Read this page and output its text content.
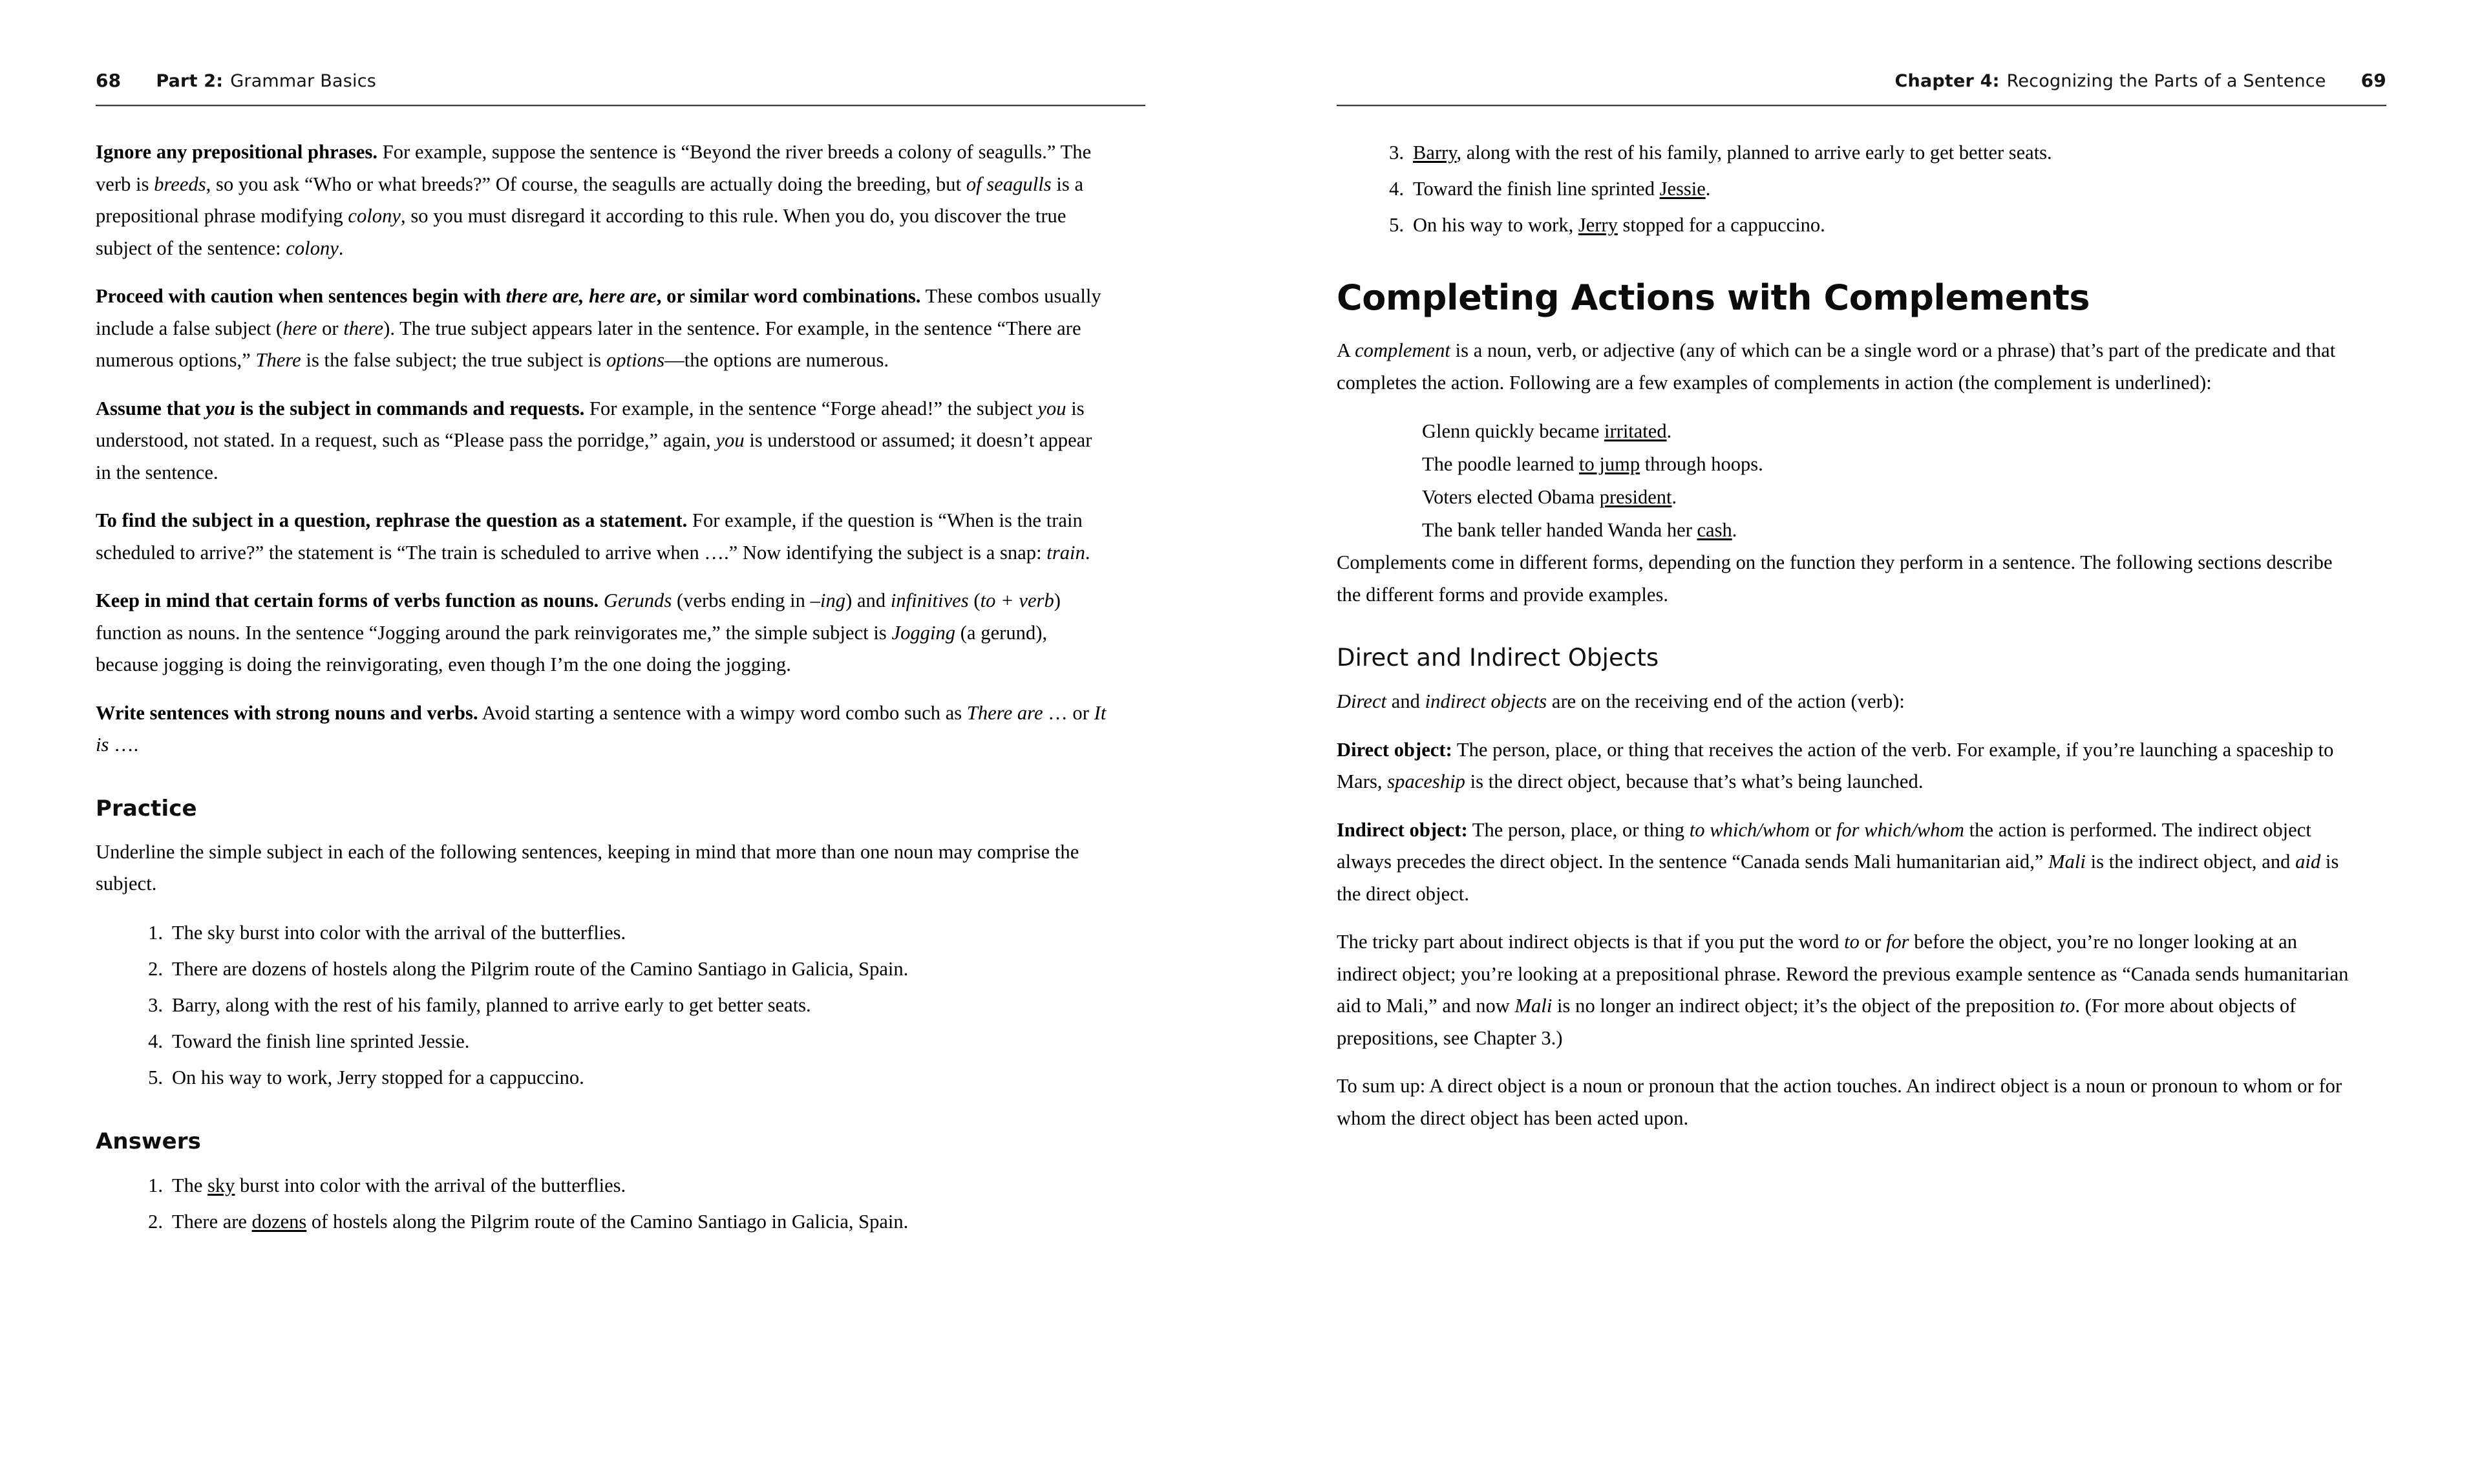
68 Part 2: Grammar Basics

Ignore any prepositional phrases. For example, suppose the sentence is “Beyond the river breeds a colony of seagulls.” The verb is breeds, so you ask “Who or what breeds?” Of course, the seagulls are actually doing the breeding, but of seagulls is a prepositional phrase modifying colony, so you must disregard it according to this rule. When you do, you discover the true subject of the sentence: colony.

Proceed with caution when sentences begin with there are, here are, or similar word combinations. These combos usually include a false subject (here or there). The true subject appears later in the sentence. For example, in the sentence “There are numerous options,” There is the false subject; the true subject is options—the options are numerous.

Assume that you is the subject in commands and requests. For example, in the sentence “Forge ahead!” the subject you is understood, not stated. In a request, such as “Please pass the porridge,” again, you is understood or assumed; it doesn’t appear in the sentence.

To find the subject in a question, rephrase the question as a statement. For example, if the question is “When is the train scheduled to arrive?” the statement is “The train is scheduled to arrive when ….” Now identifying the subject is a snap: train.

Keep in mind that certain forms of verbs function as nouns. Gerunds (verbs ending in –ing) and infinitives (to + verb) function as nouns. In the sentence “Jogging around the park reinvigorates me,” the simple subject is Jogging (a gerund), because jogging is doing the reinvigorating, even though I’m the one doing the jogging.

Write sentences with strong nouns and verbs. Avoid starting a sentence with a wimpy word combo such as There are … or It is ….

Practice

Underline the simple subject in each of the following sentences, keeping in mind that more than one noun may comprise the subject.

The sky burst into color with the arrival of the butterflies.
There are dozens of hostels along the Pilgrim route of the Camino Santiago in Galicia, Spain.
Barry, along with the rest of his family, planned to arrive early to get better seats.
Toward the finish line sprinted Jessie.
On his way to work, Jerry stopped for a cappuccino.
Answers
The sky burst into color with the arrival of the butterflies.
There are dozens of hostels along the Pilgrim route of the Camino Santiago in Galicia, Spain.
Chapter 4: Recognizing the Parts of a Sentence 69
Barry, along with the rest of his family, planned to arrive early to get better seats.
Toward the finish line sprinted Jessie.
On his way to work, Jerry stopped for a cappuccino.
Completing Actions with Complements

A complement is a noun, verb, or adjective (any of which can be a single word or a phrase) that’s part of the predicate and that completes the action. Following are a few examples of complements in action (the complement is underlined):

Glenn quickly became irritated.
The poodle learned to jump through hoops.
Voters elected Obama president.
The bank teller handed Wanda her cash.

Complements come in different forms, depending on the function they perform in a sentence. The following sections describe the different forms and provide examples.

Direct and Indirect Objects

Direct and indirect objects are on the receiving end of the action (verb):

Direct object: The person, place, or thing that receives the action of the verb. For example, if you’re launching a spaceship to Mars, spaceship is the direct object, because that’s what’s being launched.

Indirect object: The person, place, or thing to which/whom or for which/whom the action is performed. The indirect object always precedes the direct object. In the sentence “Canada sends Mali humanitarian aid,” Mali is the indirect object, and aid is the direct object.

The tricky part about indirect objects is that if you put the word to or for before the object, you’re no longer looking at an indirect object; you’re looking at a prepositional phrase. Reword the previous example sentence as “Canada sends humanitarian aid to Mali,” and now Mali is no longer an indirect object; it’s the object of the preposition to. (For more about objects of prepositions, see Chapter 3.)

To sum up: A direct object is a noun or pronoun that the action touches. An indirect object is a noun or pronoun to whom or for whom the direct object has been acted upon.
